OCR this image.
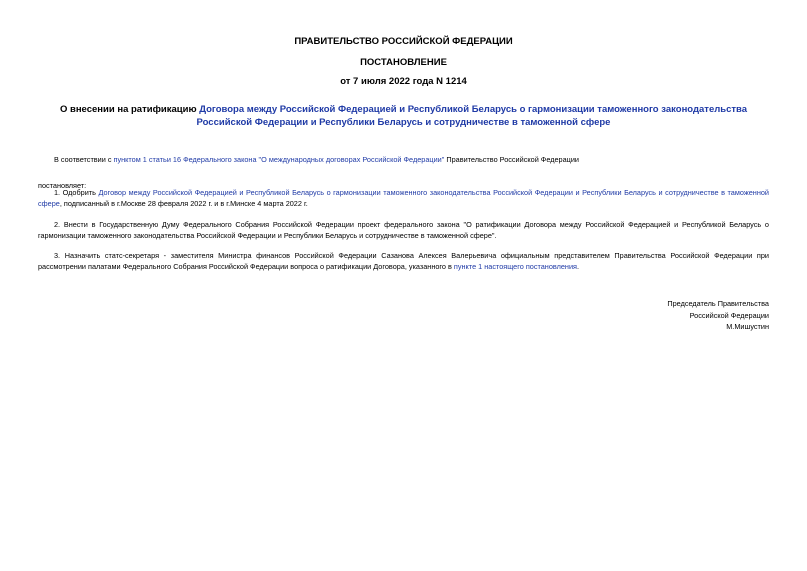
ПРАВИТЕЛЬСТВО РОССИЙСКОЙ ФЕДЕРАЦИИ
ПОСТАНОВЛЕНИЕ
от 7 июля 2022 года N 1214
О внесении на ратификацию Договора между Российской Федерацией и Республикой Беларусь о гармонизации таможенного законодательства Российской Федерации и Республики Беларусь и сотрудничестве в таможенной сфере
В соответствии с пунктом 1 статьи 16 Федерального закона "О международных договорах Российской Федерации" Правительство Российской Федерации
постановляет:
1. Одобрить Договор между Российской Федерацией и Республикой Беларусь о гармонизации таможенного законодательства Российской Федерации и Республики Беларусь и сотрудничестве в таможенной сфере, подписанный в г.Москве 28 февраля 2022 г. и в г.Минске 4 марта 2022 г.
2. Внести в Государственную Думу Федерального Собрания Российской Федерации проект федерального закона "О ратификации Договора между Российской Федерацией и Республикой Беларусь о гармонизации таможенного законодательства Российской Федерации и Республики Беларусь и сотрудничестве в таможенной сфере".
3. Назначить статс-секретаря - заместителя Министра финансов Российской Федерации Сазанова Алексея Валерьевича официальным представителем Правительства Российской Федерации при рассмотрении палатами Федерального Собрания Российской Федерации вопроса о ратификации Договора, указанного в пункте 1 настоящего постановления.
Председатель Правительства
Российской Федерации
М.Мишустин
